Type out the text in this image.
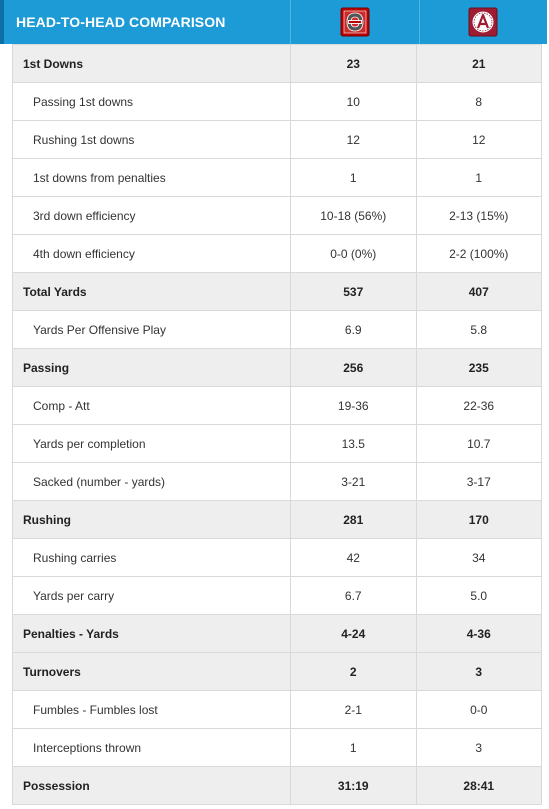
HEAD-TO-HEAD COMPARISON
1st Downs	23	21
Passing 1st downs	10	8
Rushing 1st downs	12	12
1st downs from penalties	1	1
3rd down efficiency	10-18 (56%)	2-13 (15%)
4th down efficiency	0-0 (0%)	2-2 (100%)
Total Yards	537	407
Yards Per Offensive Play	6.9	5.8
Passing	256	235
Comp - Att	19-36	22-36
Yards per completion	13.5	10.7
Sacked (number - yards)	3-21	3-17
Rushing	281	170
Rushing carries	42	34
Yards per carry	6.7	5.0
Penalties - Yards	4-24	4-36
Turnovers	2	3
Fumbles - Fumbles lost	2-1	0-0
Interceptions thrown	1	3
Possession	31:19	28:41
